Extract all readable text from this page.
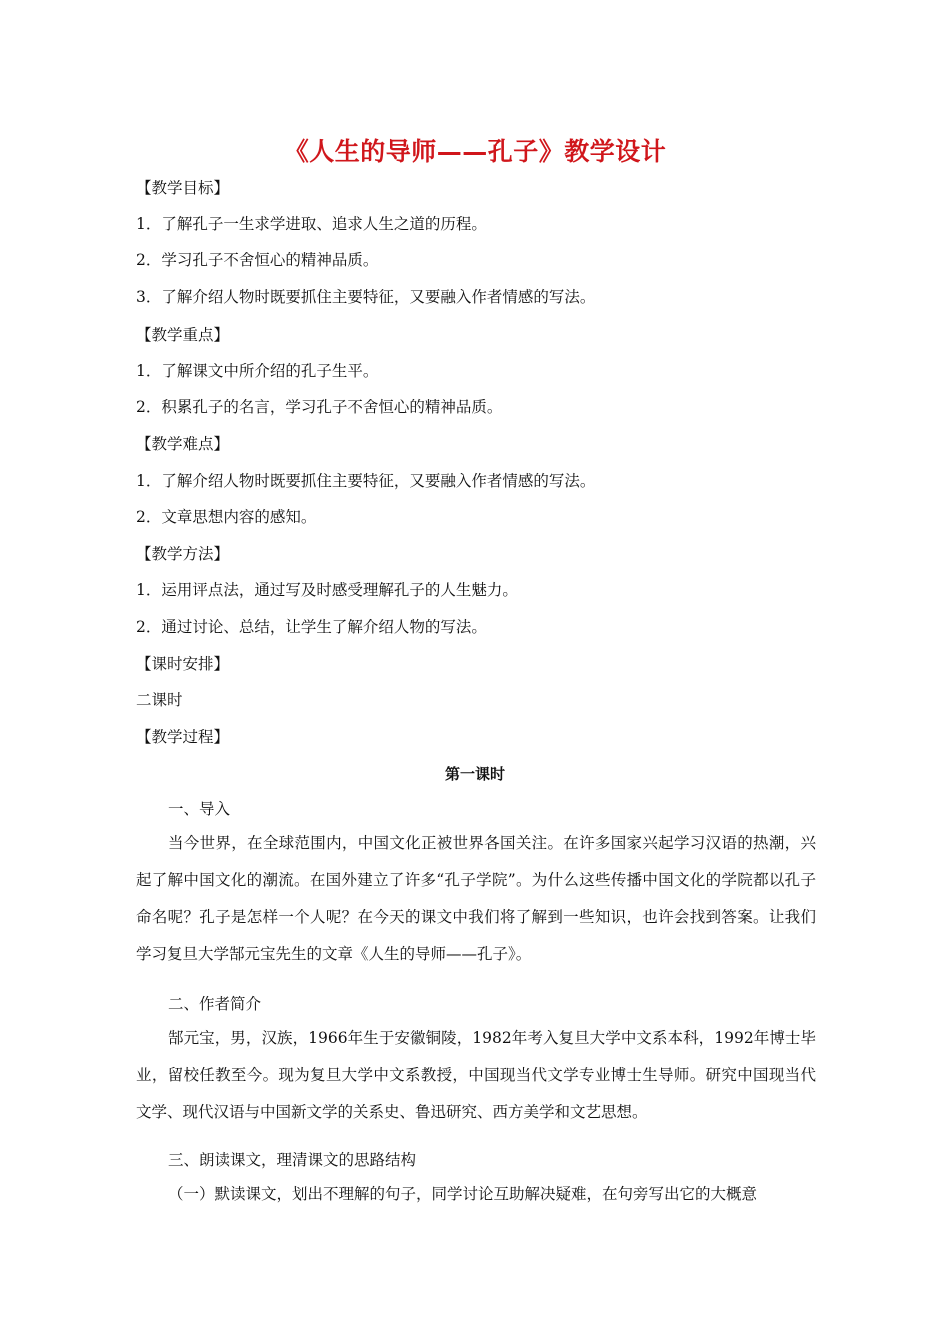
《人生的导师——孔子》教学设计
【教学目标】
1．了解孔子一生求学进取、追求人生之道的历程。
2．学习孔子不舍恒心的精神品质。
3．了解介绍人物时既要抓住主要特征，又要融入作者情感的写法。
【教学重点】
1．了解课文中所介绍的孔子生平。
2．积累孔子的名言，学习孔子不舍恒心的精神品质。
【教学难点】
1．了解介绍人物时既要抓住主要特征，又要融入作者情感的写法。
2．文章思想内容的感知。
【教学方法】
1．运用评点法，通过写及时感受理解孔子的人生魅力。
2．通过讨论、总结，让学生了解介绍人物的写法。
【课时安排】
二课时
【教学过程】
第一课时
一、导入
当今世界，在全球范围内，中国文化正被世界各国关注。在许多国家兴起学习汉语的热潮，兴起了解中国文化的潮流。在国外建立了许多“孔子学院”。为什么这些传播中国文化的学院都以孔子命名呢？孔子是怎样一个人呢？在今天的课文中我们将了解到一些知识，也许会找到答案。让我们学习复旦大学郜元宝先生的文章《人生的导师——孔子》。
二、作者简介
郜元宝，男，汉族，1966年生于安徽铜陵，1982年考入复旦大学中文系本科，1992年博士毕业，留校任教至今。现为复旦大学中文系教授，中国现当代文学专业博士生导师。研究中国现当代文学、现代汉语与中国新文学的关系史、鲁迅研究、西方美学和文艺思想。
三、朗读课文，理清课文的思路结构
（一）默读课文，划出不理解的句子，同学讨论互助解决疑难，在句旁写出它的大概意
